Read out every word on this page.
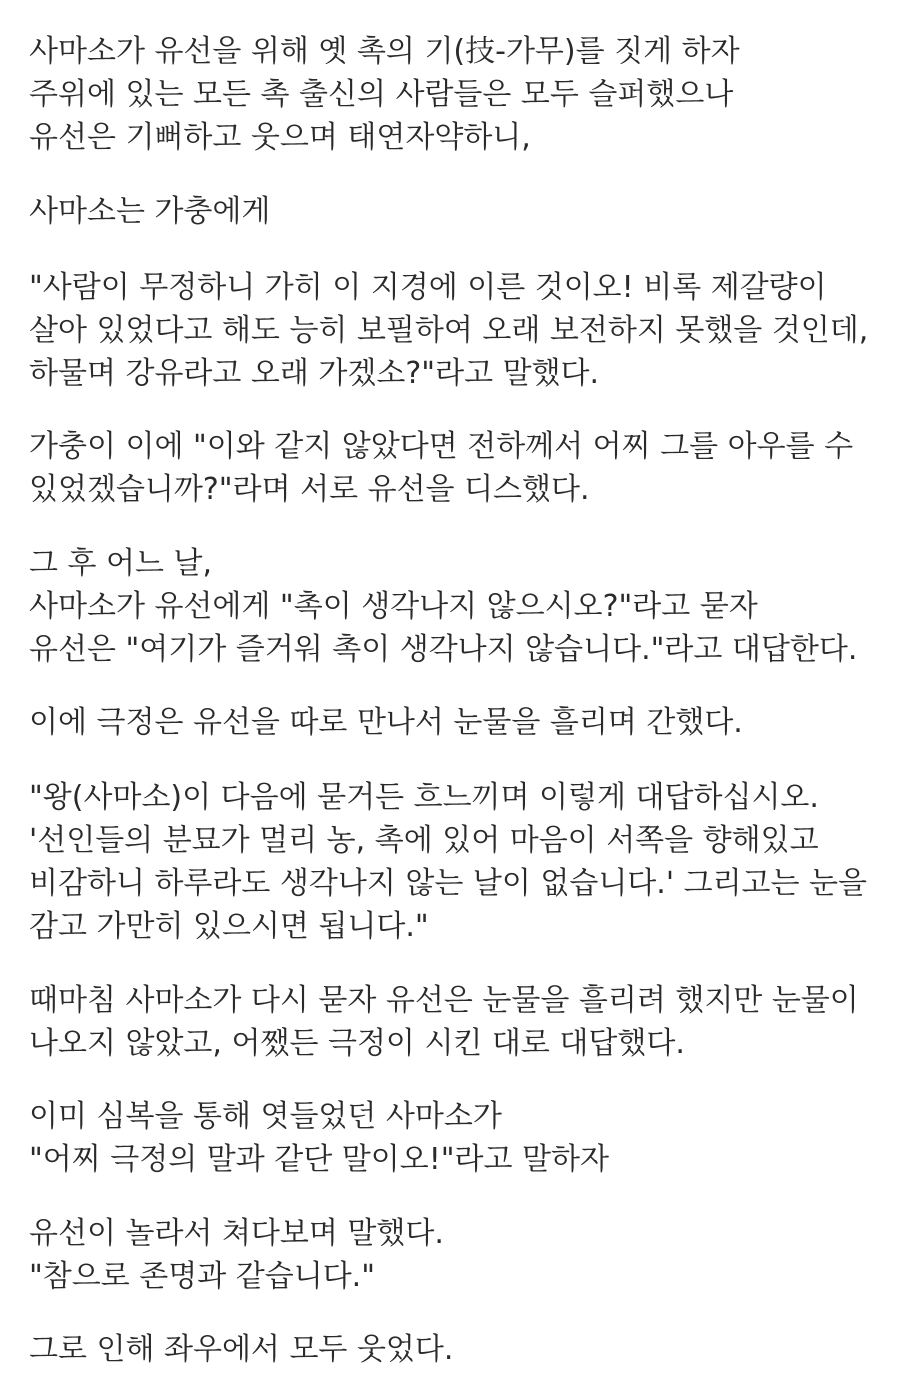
사마소가 유선을 위해 옛 촉의 기(技-가무)를 짓게 하자
주위에 있는 모든 촉 출신의 사람들은 모두 슬퍼했으나
유선은 기뻐하고 웃으며 태연자약하니,
사마소는 가충에게
"사람이 무정하니 가히 이 지경에 이른 것이오! 비록 제갈량이
살아 있었다고 해도 능히 보필하여 오래 보전하지 못했을 것인데,
하물며 강유라고 오래 가겠소?"라고 말했다.
가충이 이에 "이와 같지 않았다면 전하께서 어찌 그를 아우를 수
있었겠습니까?"라며 서로 유선을 디스했다.
그 후 어느 날,
사마소가 유선에게 "촉이 생각나지 않으시오?"라고 묻자
유선은 "여기가 즐거워 촉이 생각나지 않습니다."라고 대답한다.
이에 극정은 유선을 따로 만나서 눈물을 흘리며 간했다.
"왕(사마소)이 다음에 묻거든 흐느끼며 이렇게 대답하십시오.
'선인들의 분묘가 멀리 농, 촉에 있어 마음이 서쪽을 향해있고
비감하니 하루라도 생각나지 않는 날이 없습니다.' 그리고는 눈을
감고 가만히 있으시면 됩니다."
때마침 사마소가 다시 묻자 유선은 눈물을 흘리려 했지만 눈물이
나오지 않았고, 어쨌든 극정이 시킨 대로 대답했다.
이미 심복을 통해 엿들었던 사마소가
"어찌 극정의 말과 같단 말이오!"라고 말하자
유선이 놀라서 쳐다보며 말했다.
"참으로 존명과 같습니다."
그로 인해 좌우에서 모두 웃었다.
